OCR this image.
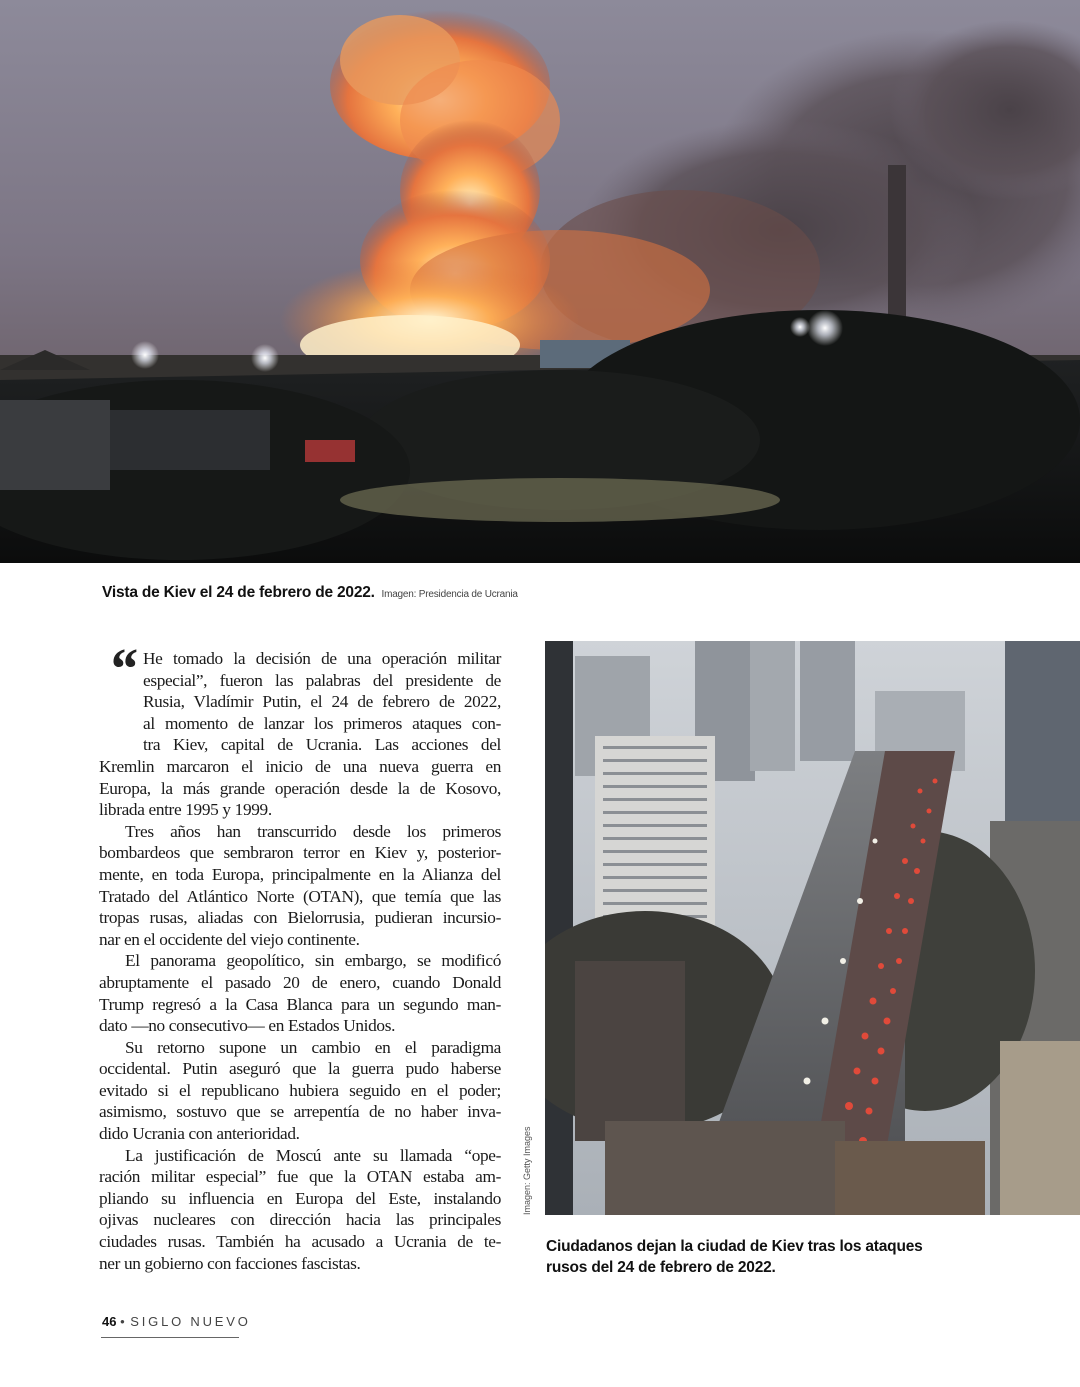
Vista de Kiev el 24 de febrero de 2022. Imagen: Presidencia de Ucrania
“ He tomado la decisión de una operación militar
especial”, fueron las palabras del presidente de
Rusia, Vladímir Putin, el 24 de febrero de 2022,
al momento de lanzar los primeros ataques con-
tra Kiev, capital de Ucrania. Las acciones del
Kremlin marcaron el inicio de una nueva guerra en
Europa, la más grande operación desde la de Kosovo,
librada entre 1995 y 1999.
Tres años han transcurrido desde los primeros
bombardeos que sembraron terror en Kiev y, posterior-
mente, en toda Europa, principalmente en la Alianza del
Tratado del Atlántico Norte (OTAN), que temía que las
tropas rusas, aliadas con Bielorrusia, pudieran incursio-
nar en el occidente del viejo continente.
El panorama geopolítico, sin embargo, se modificó
abruptamente el pasado 20 de enero, cuando Donald
Trump regresó a la Casa Blanca para un segundo man-
dato —no consecutivo— en Estados Unidos.
Su retorno supone un cambio en el paradigma
occidental. Putin aseguró que la guerra pudo haberse
evitado si el republicano hubiera seguido en el poder;
asimismo, sostuvo que se arrepentía de no haber inva-
dido Ucrania con anterioridad.
La justificación de Moscú ante su llamada “ope-
ración militar especial” fue que la OTAN estaba am-
pliando su influencia en Europa del Este, instalando
ojivas nucleares con dirección hacia las principales
ciudades rusas. También ha acusado a Ucrania de te-
ner un gobierno con facciones fascistas.
Imagen: Getty Images
Ciudadanos dejan la ciudad de Kiev tras los ataques
rusos del 24 de febrero de 2022.
46 • SIGLO NUEVO
